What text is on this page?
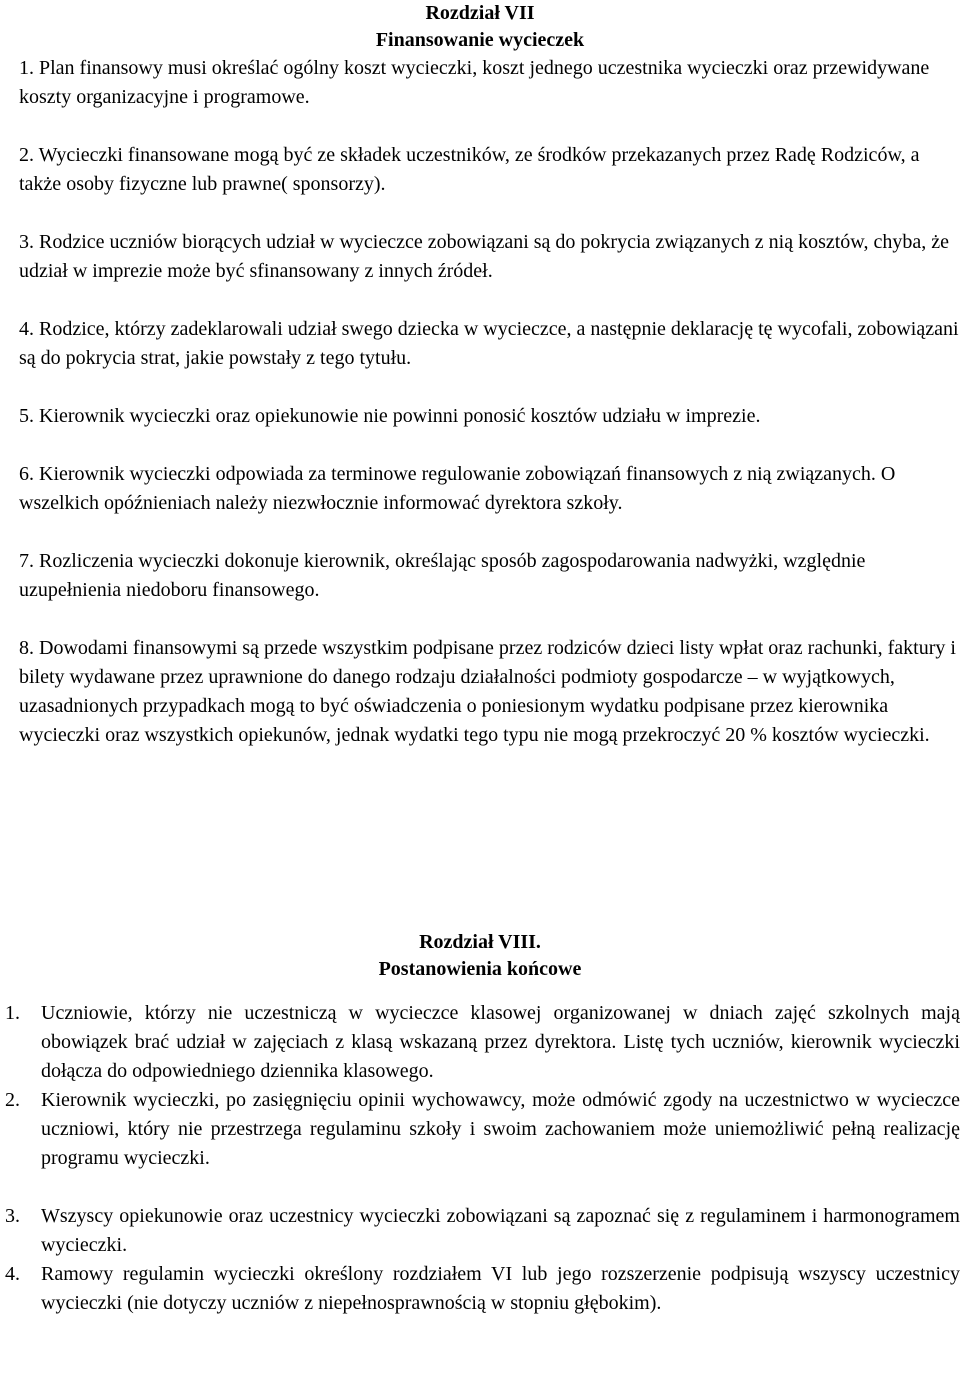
Rozdział VII

Finansowanie wycieczek

1. Plan finansowy musi określać ogólny koszt wycieczki, koszt jednego uczestnika wycieczki oraz przewidywane koszty organizacyjne i programowe.

2. Wycieczki finansowane mogą być ze składek uczestników, ze środków przekazanych przez Radę Rodziców, a także osoby fizyczne lub prawne( sponsorzy).

3. Rodzice uczniów biorących udział w wycieczce zobowiązani są do pokrycia związanych z nią kosztów, chyba, że udział w imprezie może być sfinansowany z innych źródeł.

4. Rodzice, którzy zadeklarowali udział swego dziecka w wycieczce, a następnie deklarację tę wycofali, zobowiązani są do pokrycia strat, jakie powstały z tego tytułu.

5. Kierownik wycieczki oraz opiekunowie nie powinni ponosić kosztów udziału w imprezie.

6. Kierownik wycieczki odpowiada za terminowe regulowanie zobowiązań finansowych z nią związanych. O wszelkich opóźnieniach należy niezwłocznie informować dyrektora szkoły.

7. Rozliczenia wycieczki dokonuje kierownik, określając sposób zagospodarowania nadwyżki, względnie uzupełnienia niedoboru finansowego.

8. Dowodami finansowymi są przede wszystkim podpisane przez rodziców dzieci listy wpłat oraz rachunki, faktury i bilety wydawane przez uprawnione do danego rodzaju działalności podmioty gospodarcze – w wyjątkowych, uzasadnionych przypadkach mogą to być oświadczenia o poniesionym wydatku podpisane przez kierownika wycieczki oraz wszystkich opiekunów, jednak wydatki tego typu nie mogą przekroczyć 20 % kosztów wycieczki.

Rozdział VIII.

Postanowienia końcowe

1. Uczniowie, którzy nie uczestniczą w wycieczce klasowej organizowanej w dniach zajęć szkolnych mają obowiązek brać udział w zajęciach z klasą wskazaną przez dyrektora. Listę tych uczniów, kierownik wycieczki dołącza do odpowiedniego dziennika klasowego.
2. Kierownik wycieczki, po zasięgnięciu opinii wychowawcy, może odmówić zgody na uczestnictwo w wycieczce uczniowi, który nie przestrzega regulaminu szkoły i swoim zachowaniem może uniemożliwić pełną realizację programu wycieczki.
3. Wszyscy opiekunowie oraz uczestnicy wycieczki zobowiązani są zapoznać się z regulaminem i harmonogramem wycieczki.
4. Ramowy regulamin wycieczki określony rozdziałem VI lub jego rozszerzenie podpisują wszyscy uczestnicy wycieczki (nie dotyczy uczniów z niepełnosprawnością w stopniu głębokim).
